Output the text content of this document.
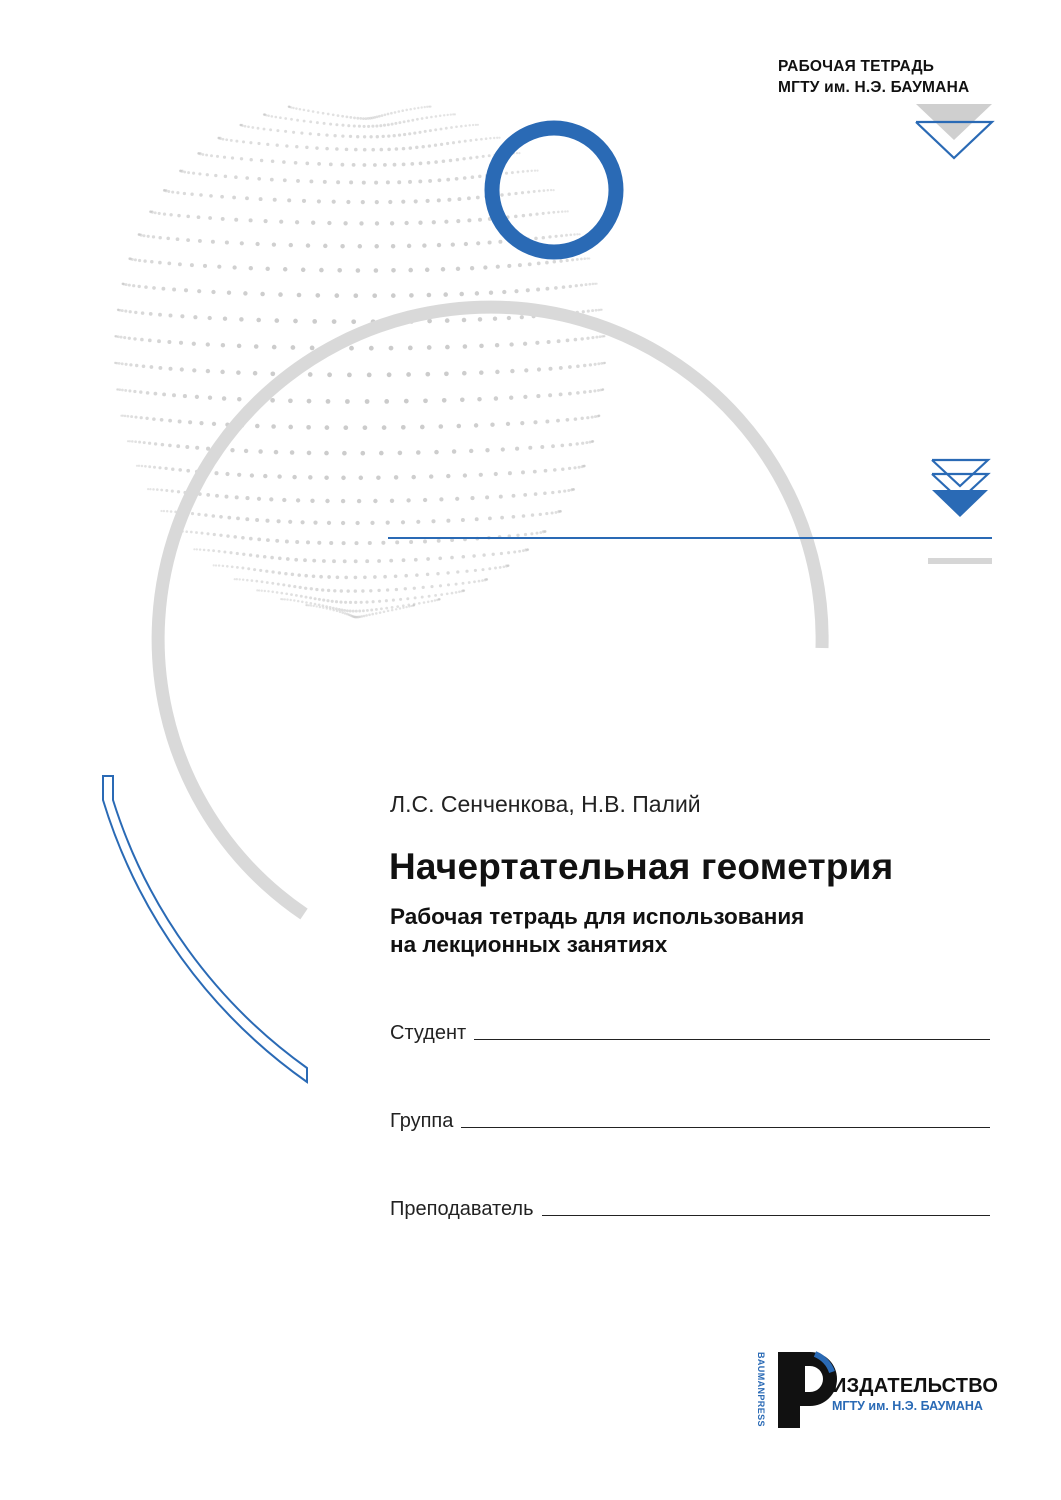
BAUMANPRESS
РАБОЧАЯ ТЕТРАДЬ
МГТУ им. Н.Э. БАУМАНА
Л.С. Сенченкова, Н.В. Палий
Начертательная геометрия
Рабочая тетрадь для использования
на лекционных занятиях
Студент
Группа
Преподаватель
ИЗДАТЕЛЬСТВО
МГТУ им. Н.Э. БАУМАНА
